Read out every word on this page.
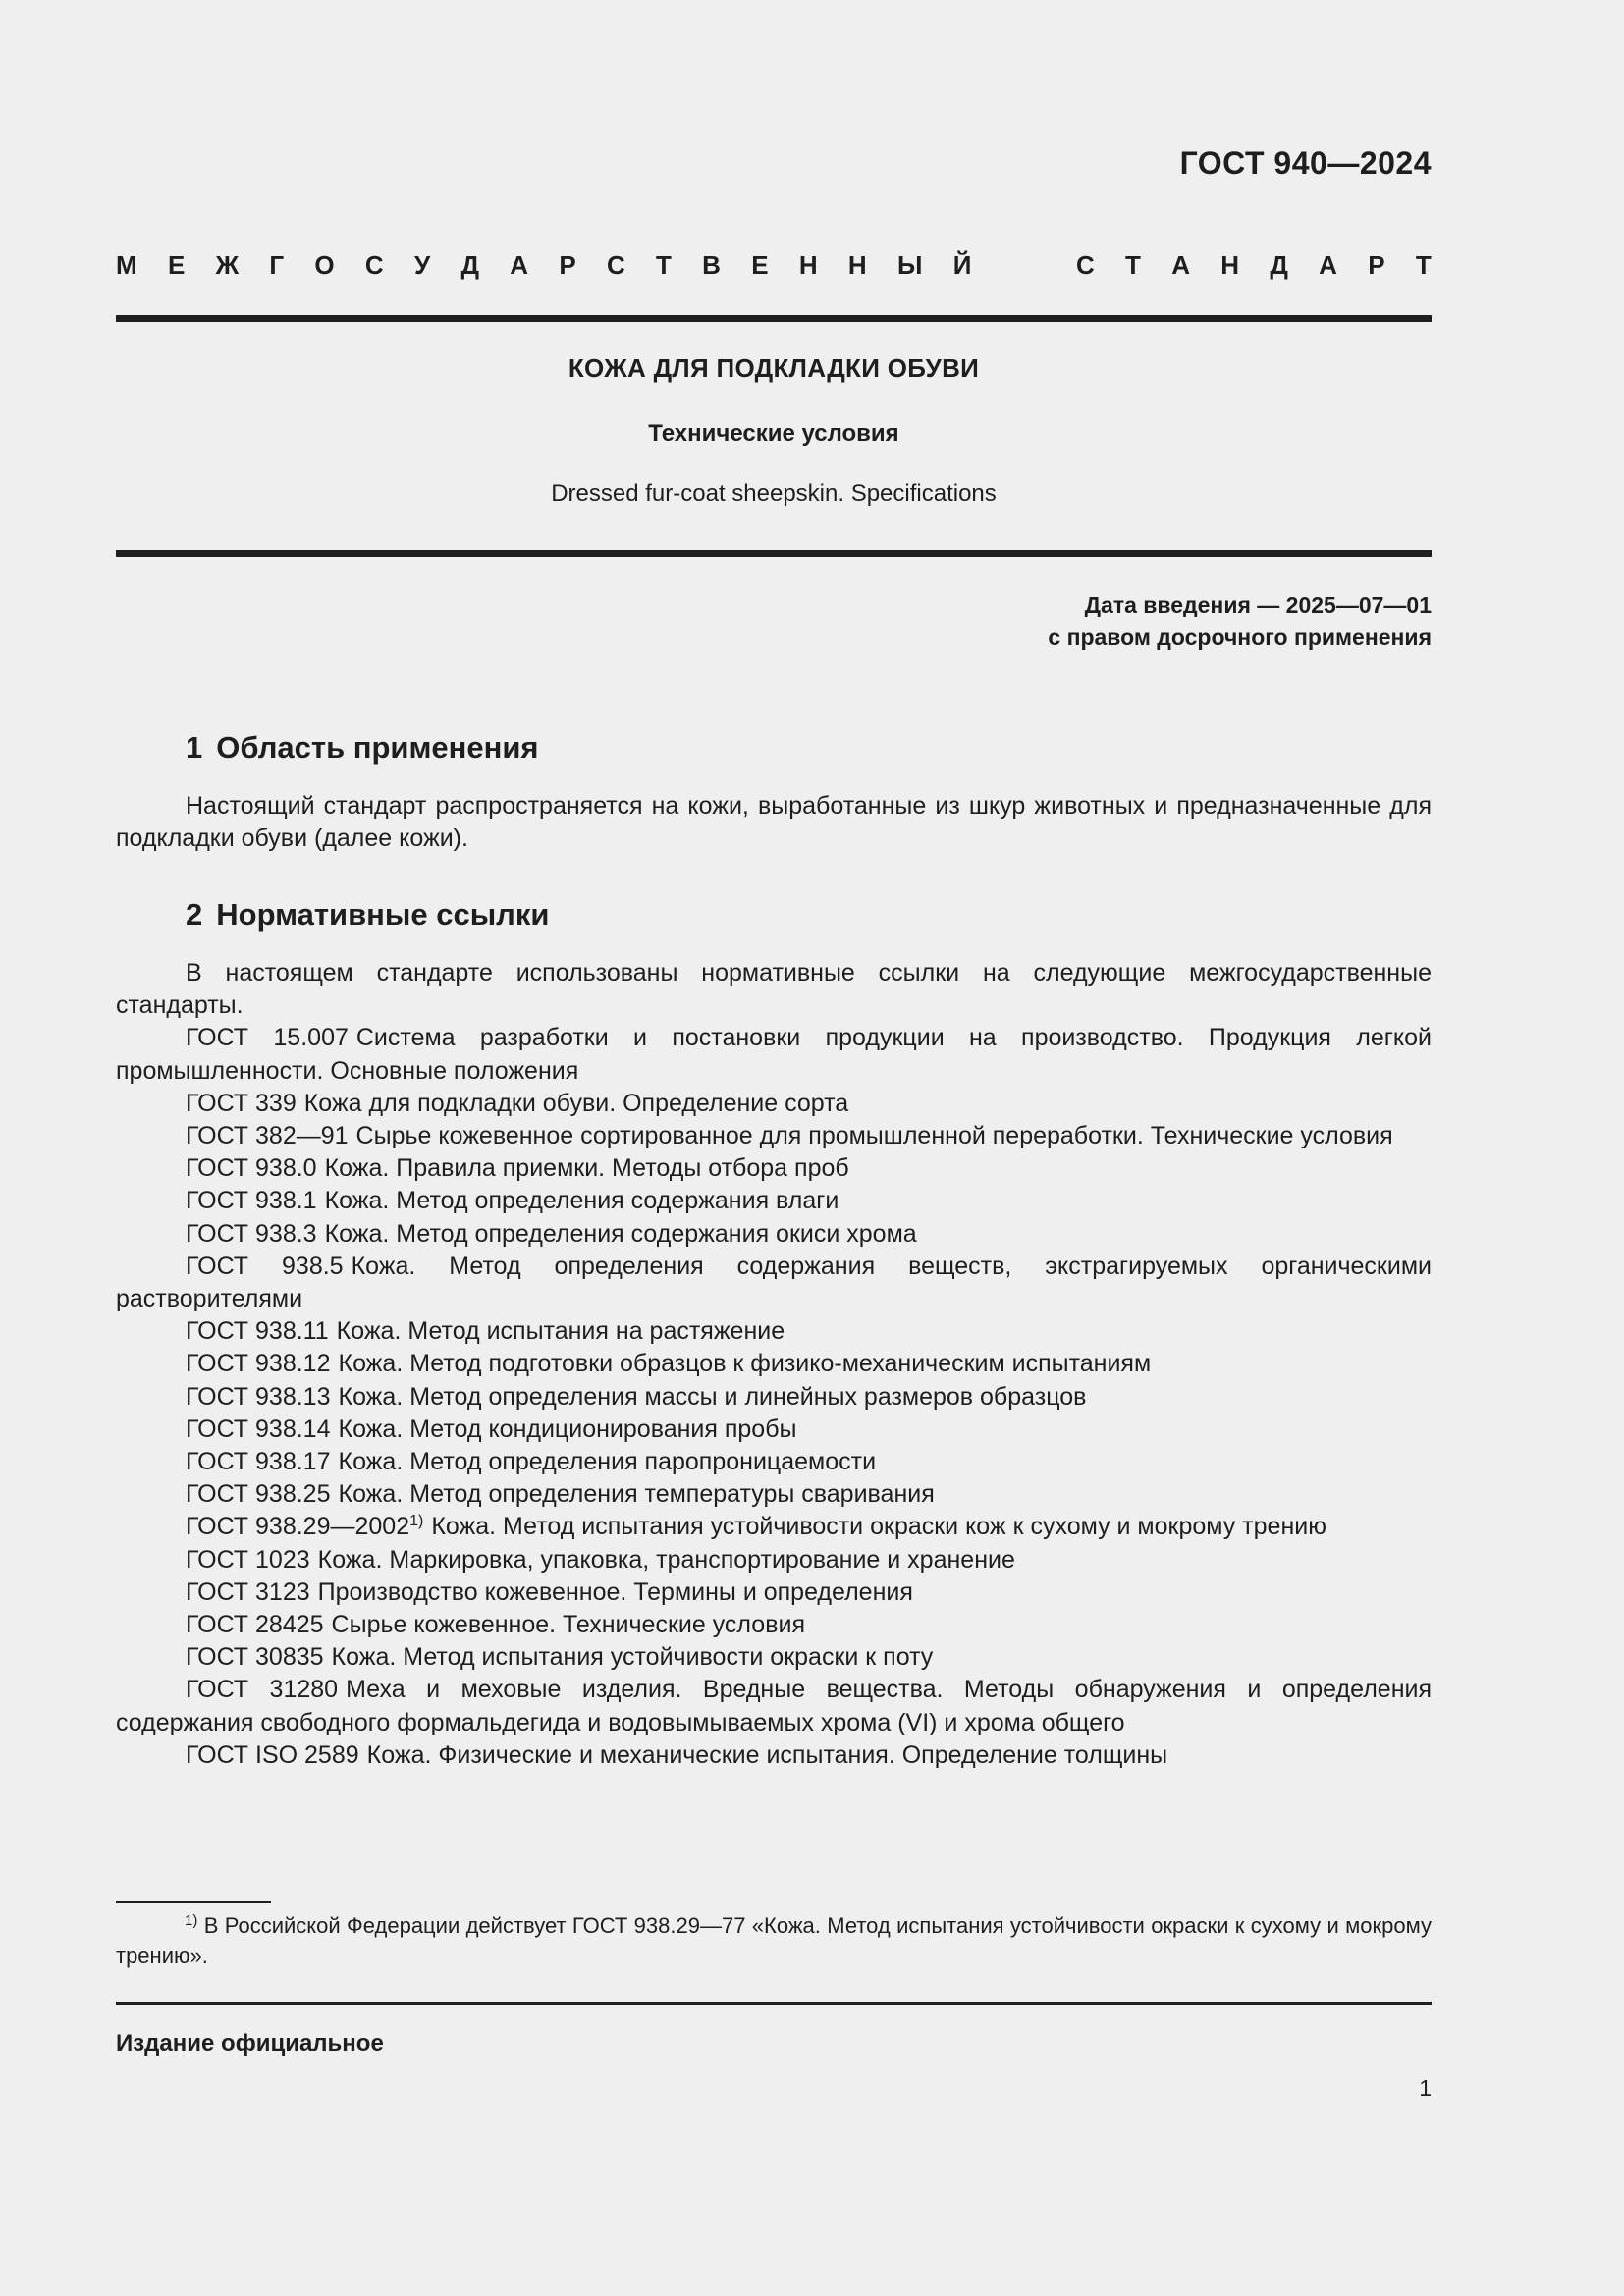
ГОСТ 940—2024
М Е Ж Г О С У Д А Р С Т В Е Н Н Ы Й	С Т А Н Д А Р Т
КОЖА ДЛЯ ПОДКЛАДКИ ОБУВИ
Технические условия
Dressed fur-coat sheepskin. Specifications
Дата введения — 2025—07—01
с правом досрочного применения
1 Область применения

Настоящий стандарт распространяется на кожи, выработанные из шкур животных и предназначенные для подкладки обуви (далее кожи).

2 Нормативные ссылки

В настоящем стандарте использованы нормативные ссылки на следующие межгосударственные стандарты.

ГОСТ 15.007 Система разработки и постановки продукции на производство. Продукция легкой промышленности. Основные положения

ГОСТ 339 Кожа для подкладки обуви. Определение сорта

ГОСТ 382—91 Сырье кожевенное сортированное для промышленной переработки. Технические условия

ГОСТ 938.0 Кожа. Правила приемки. Методы отбора проб

ГОСТ 938.1 Кожа. Метод определения содержания влаги

ГОСТ 938.3 Кожа. Метод определения содержания окиси хрома

ГОСТ 938.5 Кожа. Метод определения содержания веществ, экстрагируемых органическими растворителями

ГОСТ 938.11 Кожа. Метод испытания на растяжение

ГОСТ 938.12 Кожа. Метод подготовки образцов к физико-механическим испытаниям

ГОСТ 938.13 Кожа. Метод определения массы и линейных размеров образцов

ГОСТ 938.14 Кожа. Метод кондиционирования пробы

ГОСТ 938.17 Кожа. Метод определения паропроницаемости

ГОСТ 938.25 Кожа. Метод определения температуры сваривания

ГОСТ 938.29—2002$^{1)}$ Кожа. Метод испытания устойчивости окраски кож к сухому и мокрому трению

ГОСТ 1023 Кожа. Маркировка, упаковка, транспортирование и хранение

ГОСТ 3123 Производство кожевенное. Термины и определения

ГОСТ 28425 Сырье кожевенное. Технические условия

ГОСТ 30835 Кожа. Метод испытания устойчивости окраски к поту

ГОСТ 31280 Меха и меховые изделия. Вредные вещества. Методы обнаружения и определения содержания свободного формальдегида и водовымываемых хрома (VI) и хрома общего

ГОСТ ISO 2589 Кожа. Физические и механические испытания. Определение толщины

$^{1)}$ В Российской Федерации действует ГОСТ 938.29—77 «Кожа. Метод испытания устойчивости окраски к сухому и мокрому трению».

Издание официальное
1
